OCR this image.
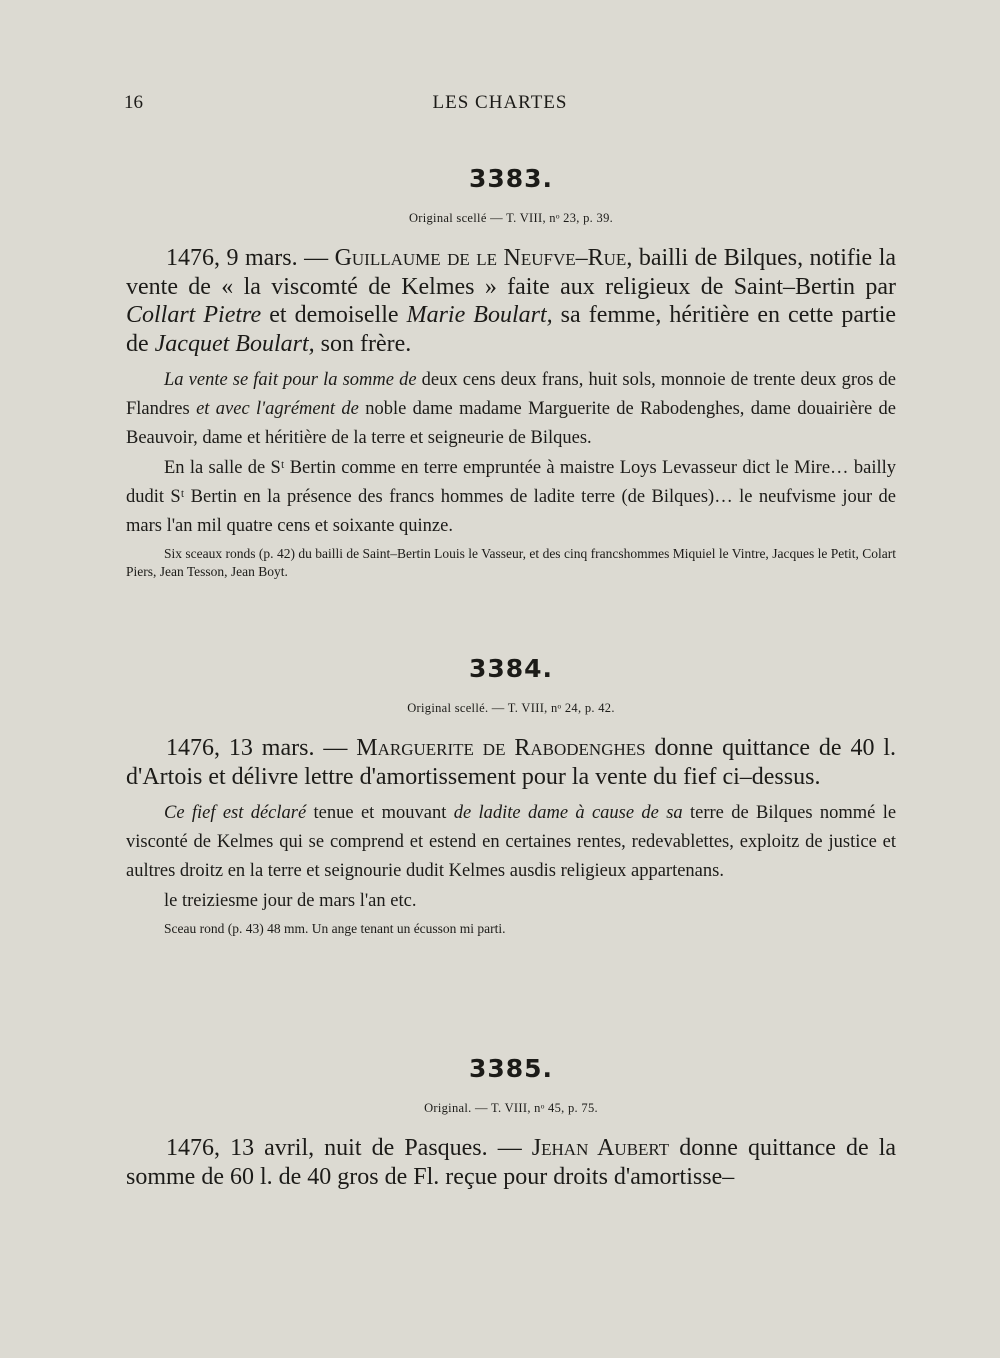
16	LES CHARTES

3383.

Original scellé — T. VIII, nᵒ 23, p. 39.

1476, 9 mars. — Guillaume de le Neufve–Rue, bailli de Bilques, notifie la vente de « la viscomté de Kelmes » faite aux religieux de Saint–Bertin par Collart Pietre et demoiselle Marie Boulart, sa femme, héritière en cette partie de Jacquet Boulart, son frère.

La vente se fait pour la somme de deux cens deux frans, huit sols, monnoie de trente deux gros de Flandres et avec l'agrément de noble dame madame Marguerite de Rabodenghes, dame douairière de Beauvoir, dame et héritière de la terre et seigneurie de Bilques.

En la salle de Sᵗ Bertin comme en terre empruntée à maistre Loys Levasseur dict le Mire… bailly dudit Sᵗ Bertin en la présence des francs hommes de ladite terre (de Bilques)… le neufvisme jour de mars l'an mil quatre cens et soixante quinze.

Six sceaux ronds (p. 42) du bailli de Saint–Bertin Louis le Vasseur, et des cinq francshommes Miquiel le Vintre, Jacques le Petit, Colart Piers, Jean Tesson, Jean Boyt.

3384.

Original scellé. — T. VIII, nᵒ 24, p. 42.

1476, 13 mars. — Marguerite de Rabodenghes donne quittance de 40 l. d'Artois et délivre lettre d'amortissement pour la vente du fief ci–dessus.

Ce fief est déclaré tenue et mouvant de ladite dame à cause de sa terre de Bilques nommé le visconté de Kelmes qui se comprend et estend en certaines rentes, redevablettes, exploitz de justice et aultres droitz en la terre et seignourie dudit Kelmes ausdis religieux appartenans.

le treiziesme jour de mars l'an etc.

Sceau rond (p. 43) 48 mm. Un ange tenant un écusson mi parti.

3385.

Original. — T. VIII, nᵒ 45, p. 75.

1476, 13 avril, nuit de Pasques. — Jehan Aubert donne quittance de la somme de 60 l. de 40 gros de Fl. reçue pour droits d'amortisse–
